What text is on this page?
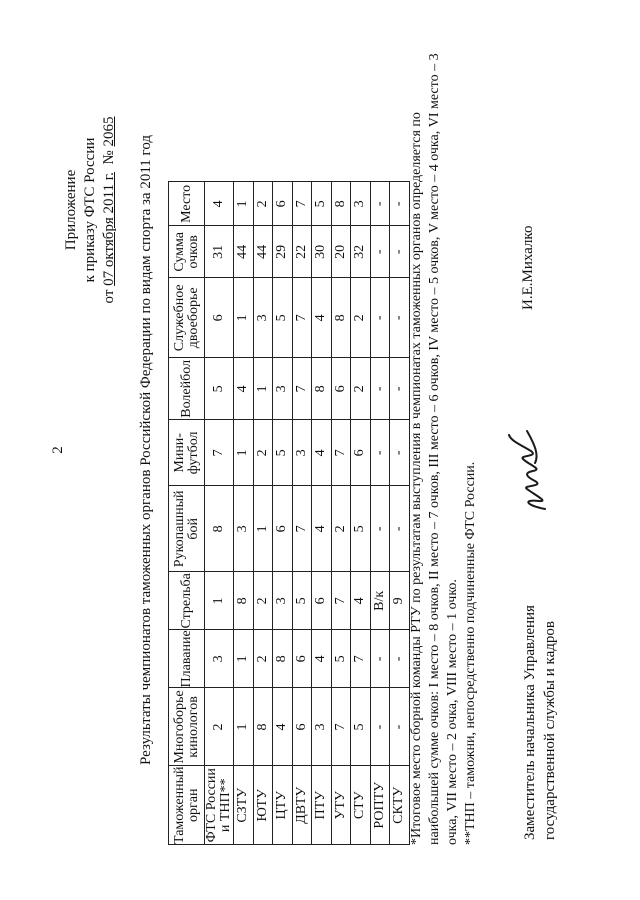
2
Приложение к приказу ФТС России
от 07 октября 2011 г.  № 2065
Результаты чемпионатов таможенных органов Российской Федерации по видам спорта за 2011 год
Таможенный орган	Многоборье кинологов	Плавание	Стрельба	Рукопашный бой	Мини-футбол	Волейбол	Служебное двоеборье	Сумма очков	Место
ФТС России и ТНП**	2	3	1	8	7	5	6	31	4
СЗТУ	1	1	8	3	1	4	1	44	1
ЮТУ	8	2	2	1	2	1	3	44	2
ЦТУ	4	8	3	6	5	3	5	29	6
ДВТУ	6	6	5	7	3	7	7	22	7
ПТУ	3	4	6	4	4	8	4	30	5
УТУ	7	5	7	2	7	6	8	20	8
СТУ	5	7	4	5	6	2	2	32	3
РОПТУ	-	-	В/к	-	-	-	-	-	-
СКТУ	-	-	9	-	-	-	-	-	- *Итоговое место сборной команды РТУ по результатам выступления в чемпионатах таможенных органов определяется по наибольшей сумме очков: I место – 8 очков, II место – 7 очков, III место – 6 очков, IV место – 5 очков, V место – 4 очка, VI место – 3 очка, VII место – 2 очка, VIII место – 1 очко. **ТНП – таможни, непосредственно подчиненные ФТС России.	Заместитель начальника Управления государственной службы и кадров
И.Е.Михалко
